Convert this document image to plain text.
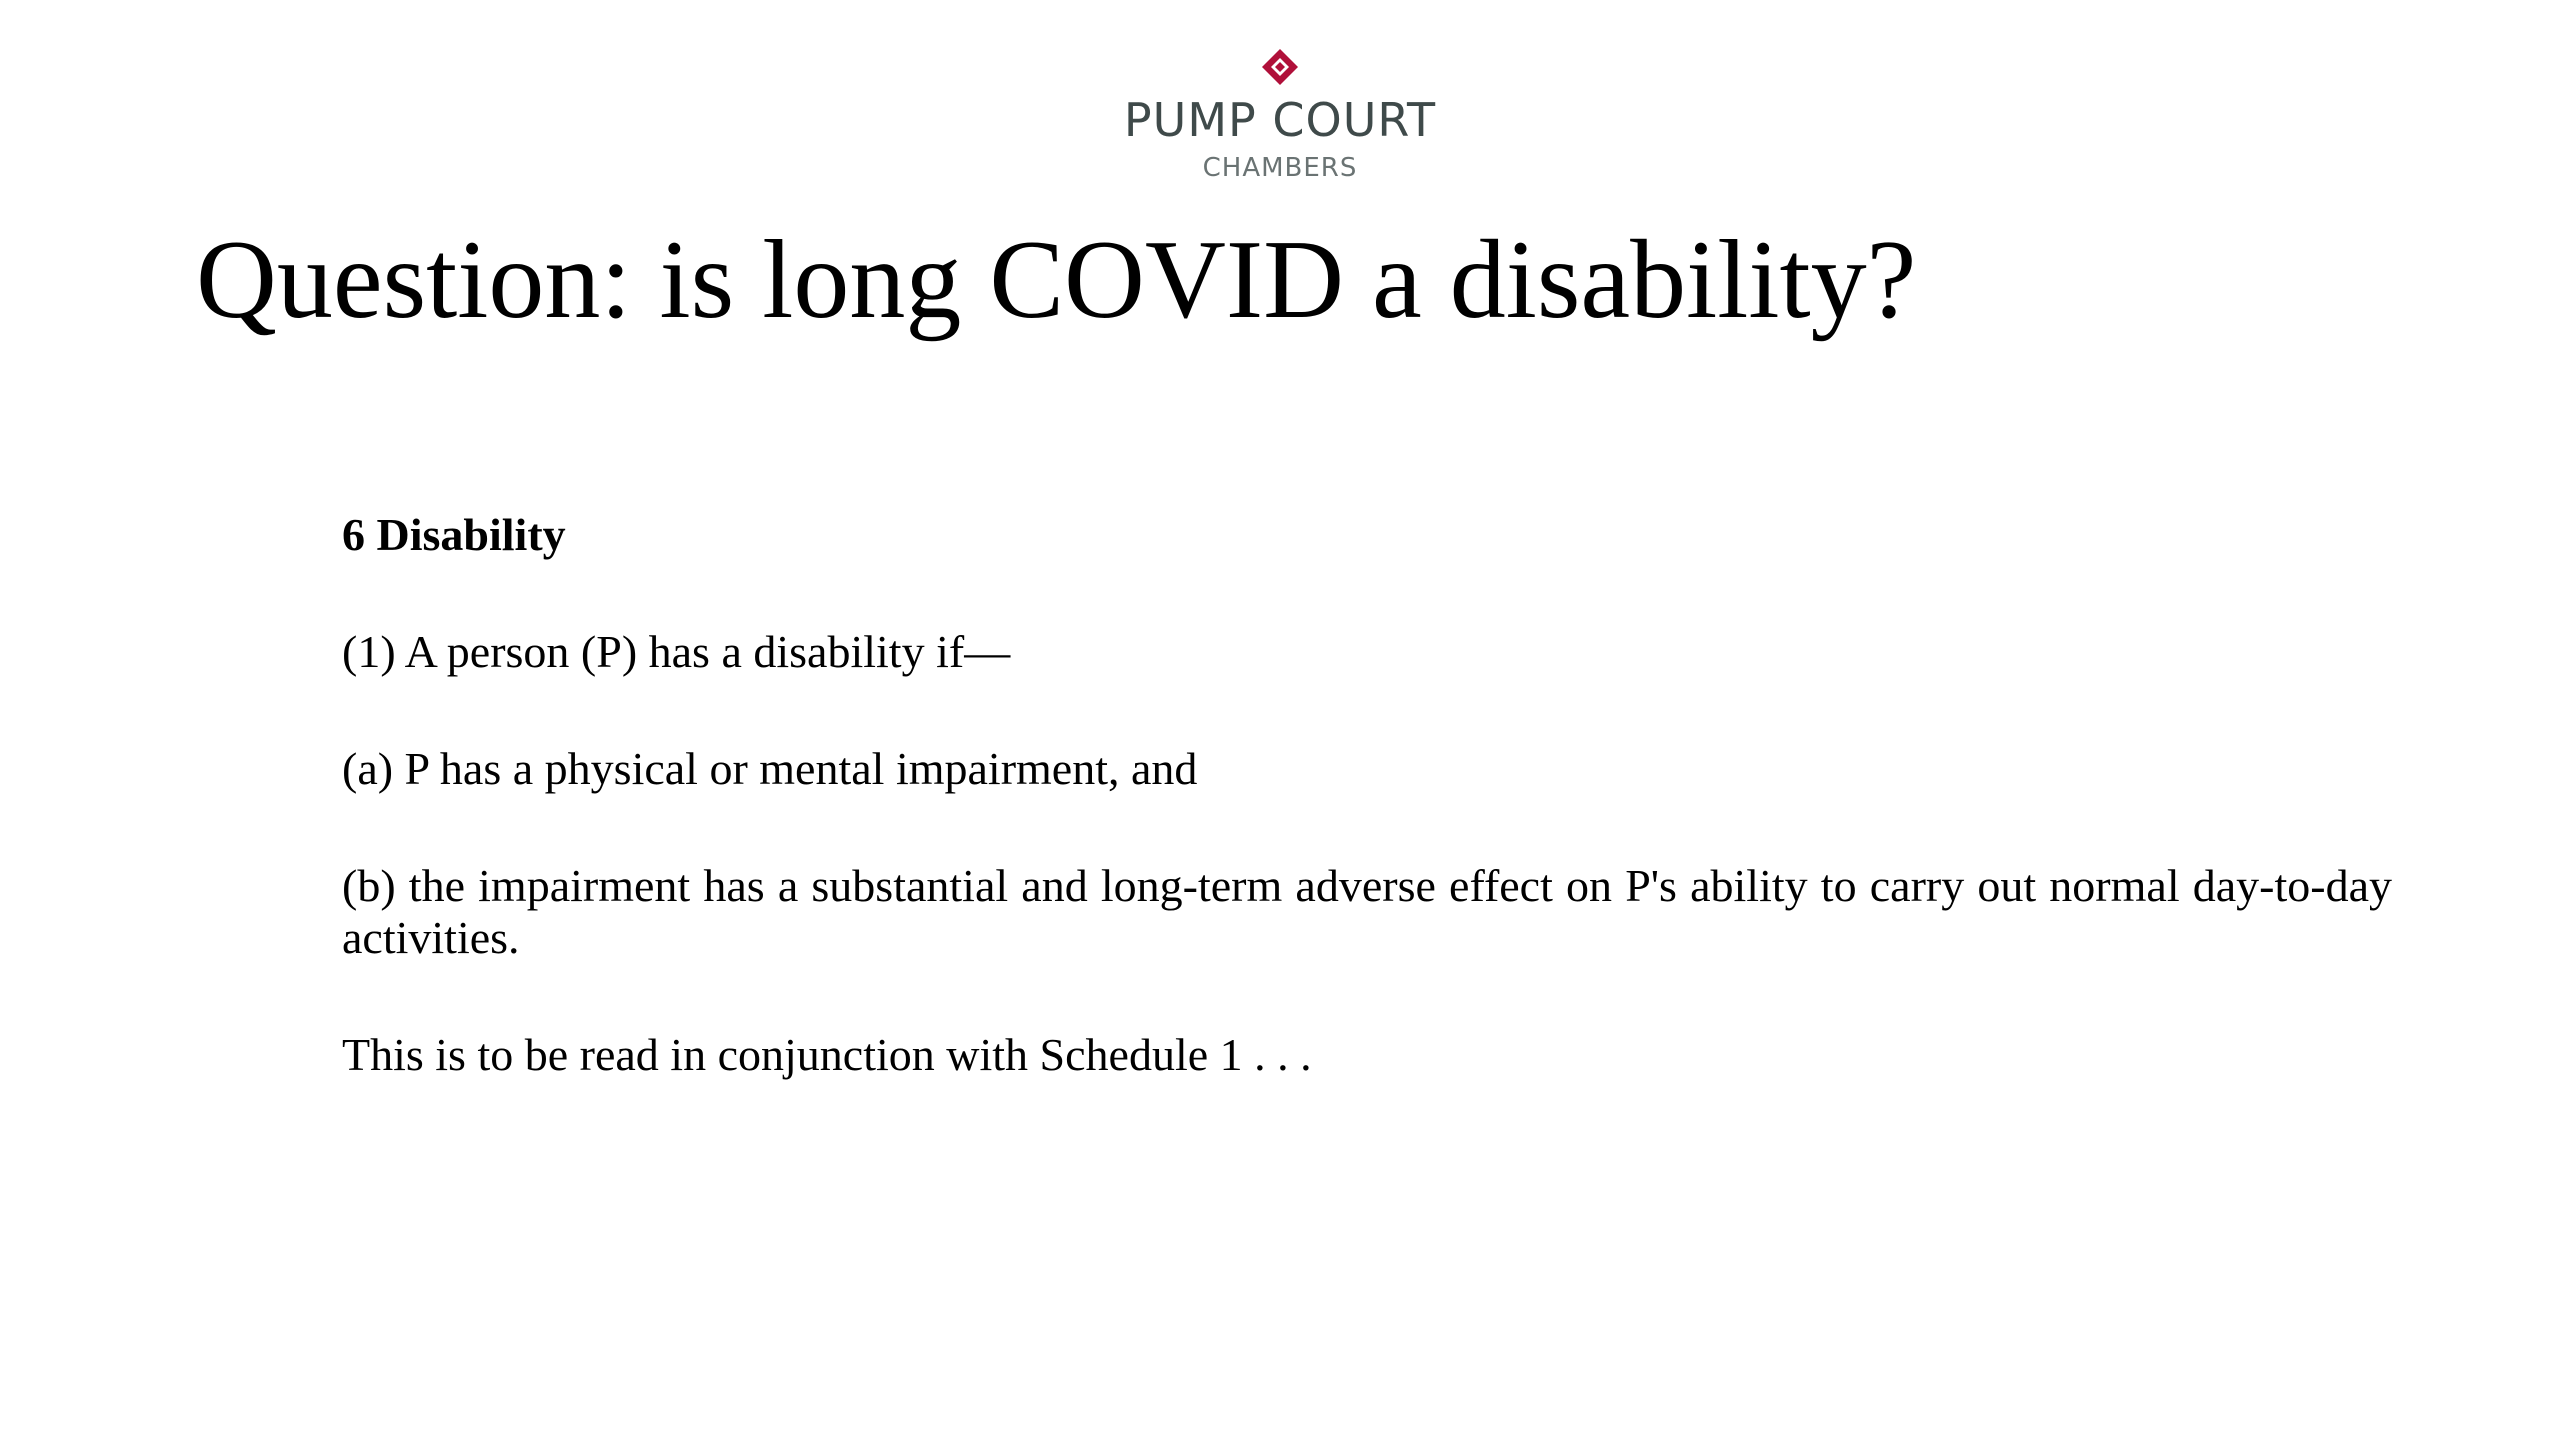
PUMP COURT
CHAMBERS
Question: is long COVID a disability?
6 Disability
(1) A person (P) has a disability if—
(a) P has a physical or mental impairment, and
(b) the impairment has a substantial and long-term adverse effect on P's ability to carry out normal day-to-day activities.
This is to be read in conjunction with Schedule 1 . . .
